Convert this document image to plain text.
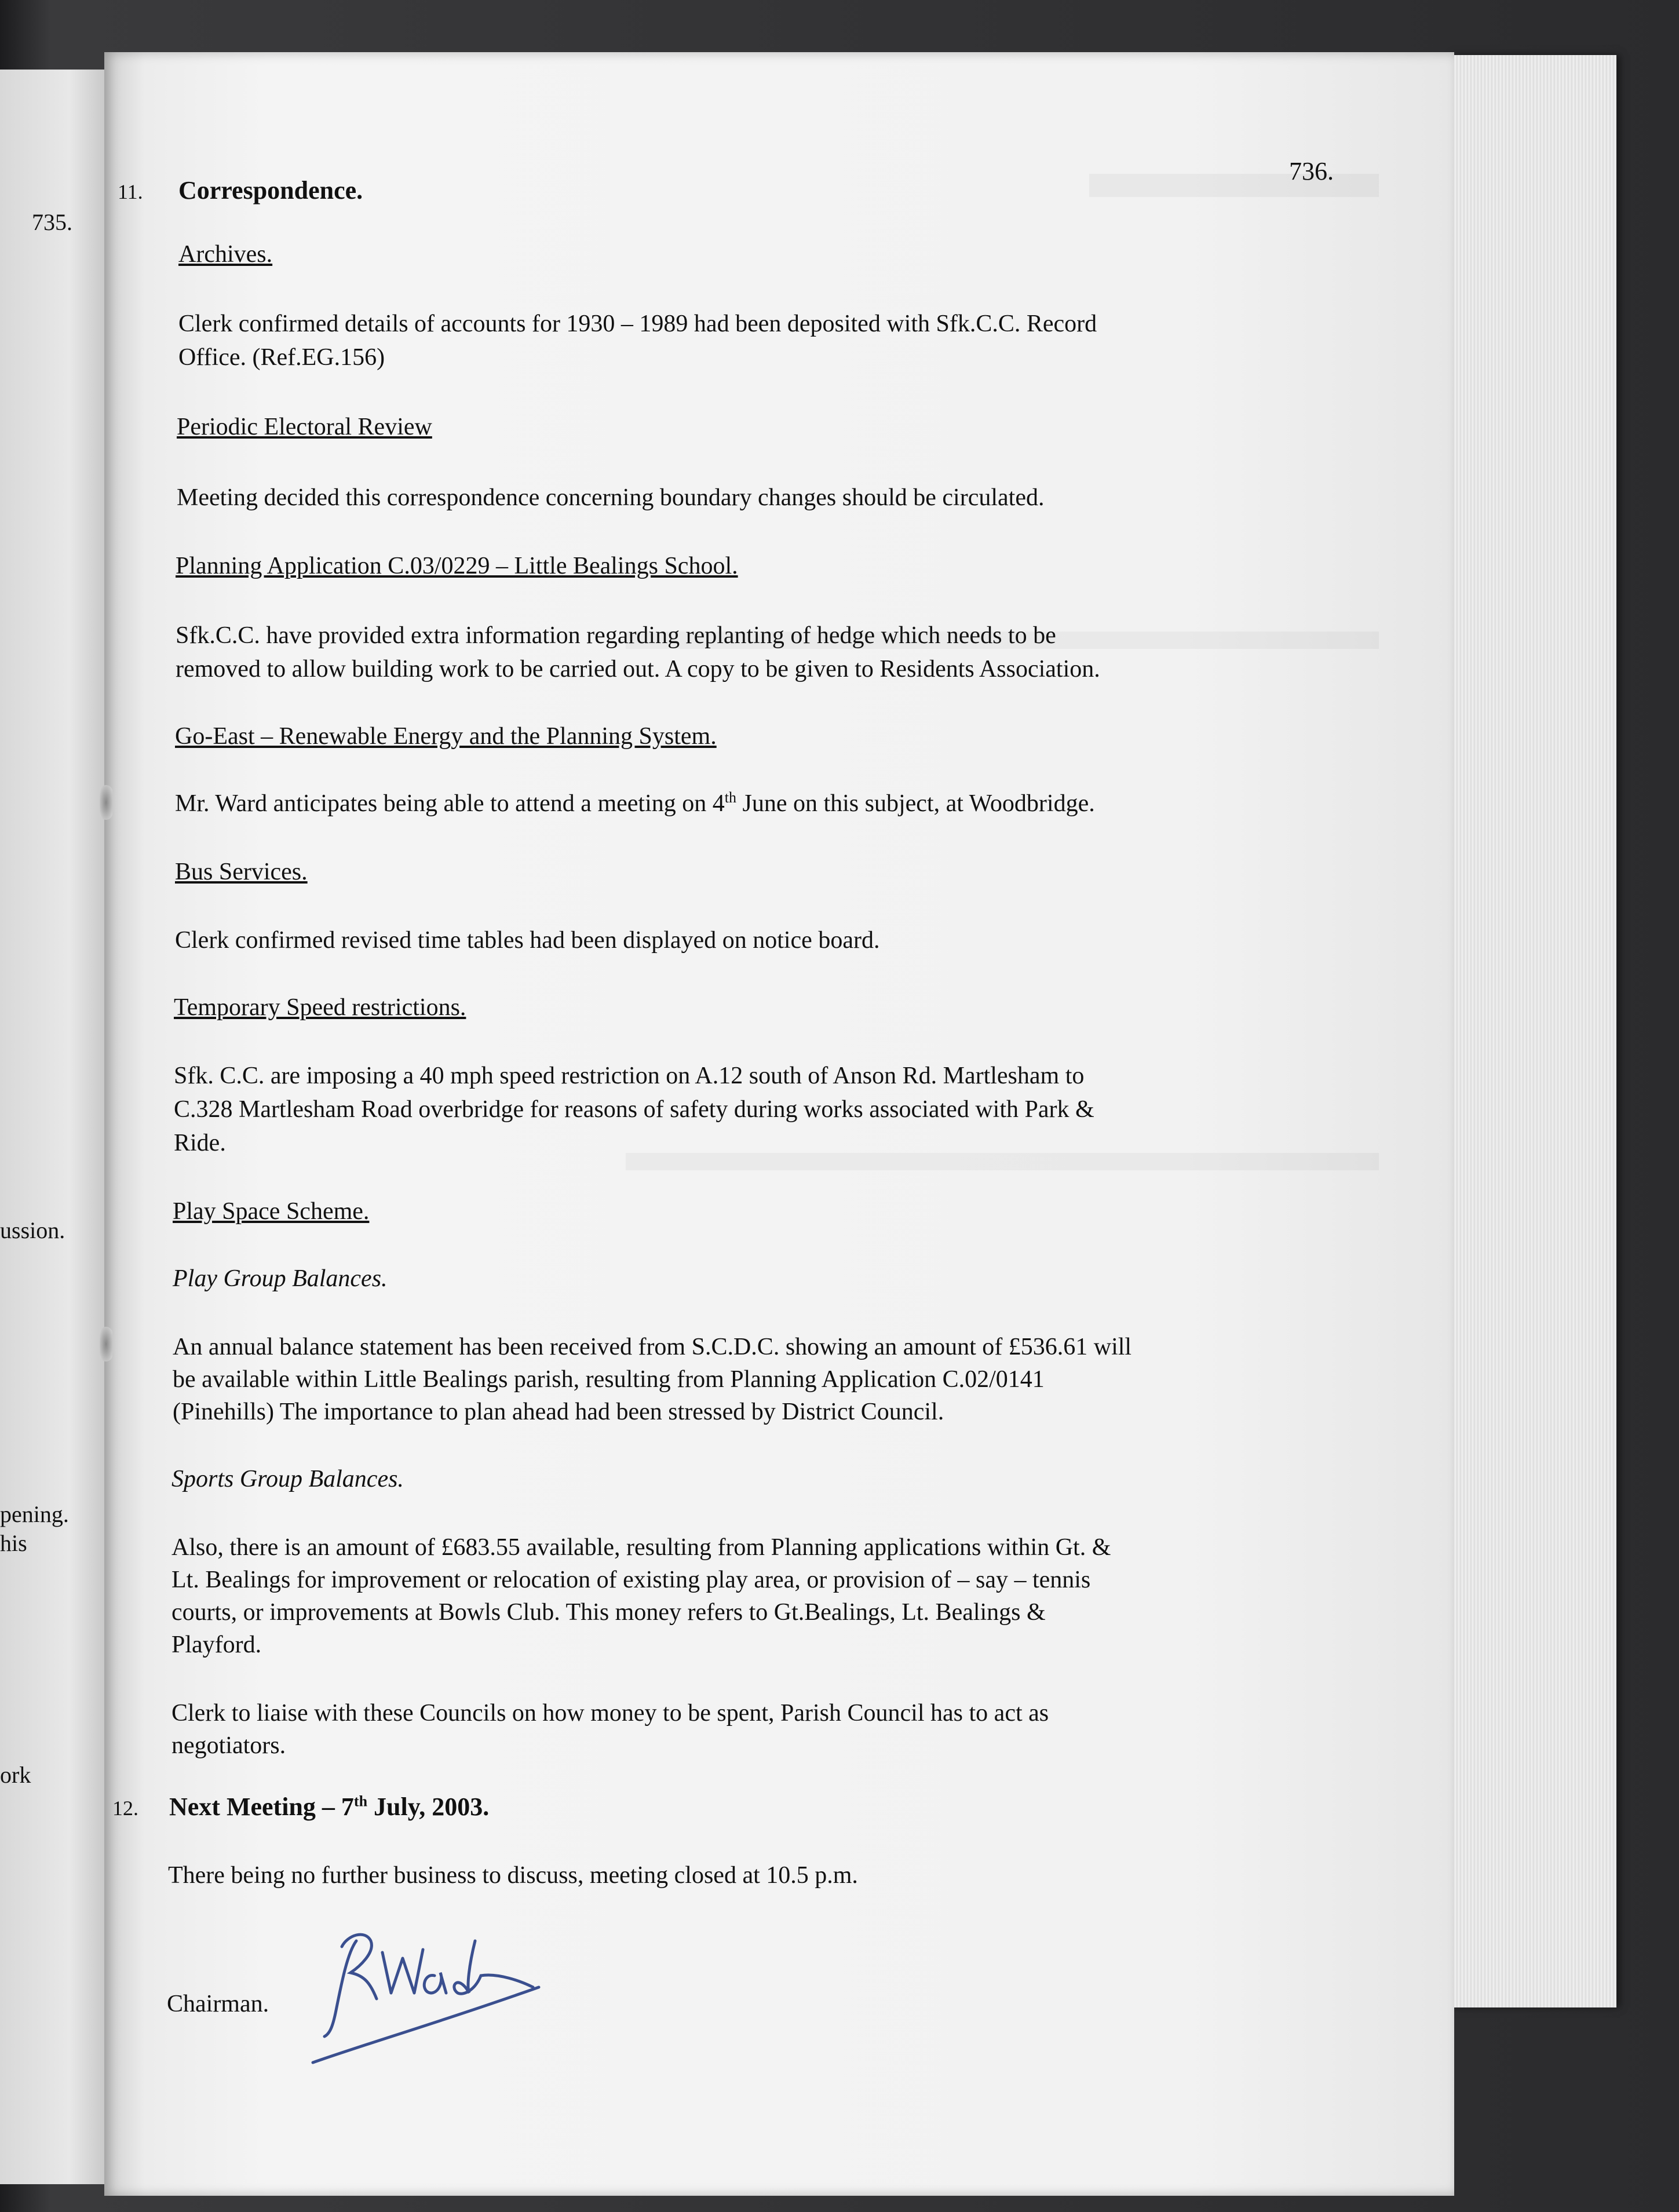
735.
ussion.
pening.
his
ork
736.
11. Correspondence.
Archives.
Clerk confirmed details of accounts for 1930 – 1989 had been deposited with Sfk.C.C. Record
Office. (Ref.EG.156)
Periodic Electoral Review
Meeting decided this correspondence concerning boundary changes should be circulated.
Planning Application C.03/0229 – Little Bealings School.
Sfk.C.C. have provided extra information regarding replanting of hedge which needs to be
removed to allow building work to be carried out. A copy to be given to Residents Association.
Go-East – Renewable Energy and the Planning System.
Mr. Ward anticipates being able to attend a meeting on 4th June on this subject, at Woodbridge.
Bus Services.
Clerk confirmed revised time tables had been displayed on notice board.
Temporary Speed restrictions.
Sfk. C.C. are imposing a 40 mph speed restriction on A.12 south of Anson Rd. Martlesham to
C.328 Martlesham Road overbridge for reasons of safety during works associated with Park &
Ride.
Play Space Scheme.
Play Group Balances.
An annual balance statement has been received from S.C.D.C. showing an amount of £536.61 will
be available within Little Bealings parish, resulting from Planning Application C.02/0141
(Pinehills) The importance to plan ahead had been stressed by District Council.
Sports Group Balances.
Also, there is an amount of £683.55 available, resulting from Planning applications within Gt. &
Lt. Bealings for improvement or relocation of existing play area, or provision of – say – tennis
courts, or improvements at Bowls Club. This money refers to Gt.Bealings, Lt. Bealings &
Playford.
Clerk to liaise with these Councils on how money to be spent, Parish Council has to act as
negotiators.
12. Next Meeting – 7th July, 2003.
There being no further business to discuss, meeting closed at 10.5 p.m.
Chairman.
